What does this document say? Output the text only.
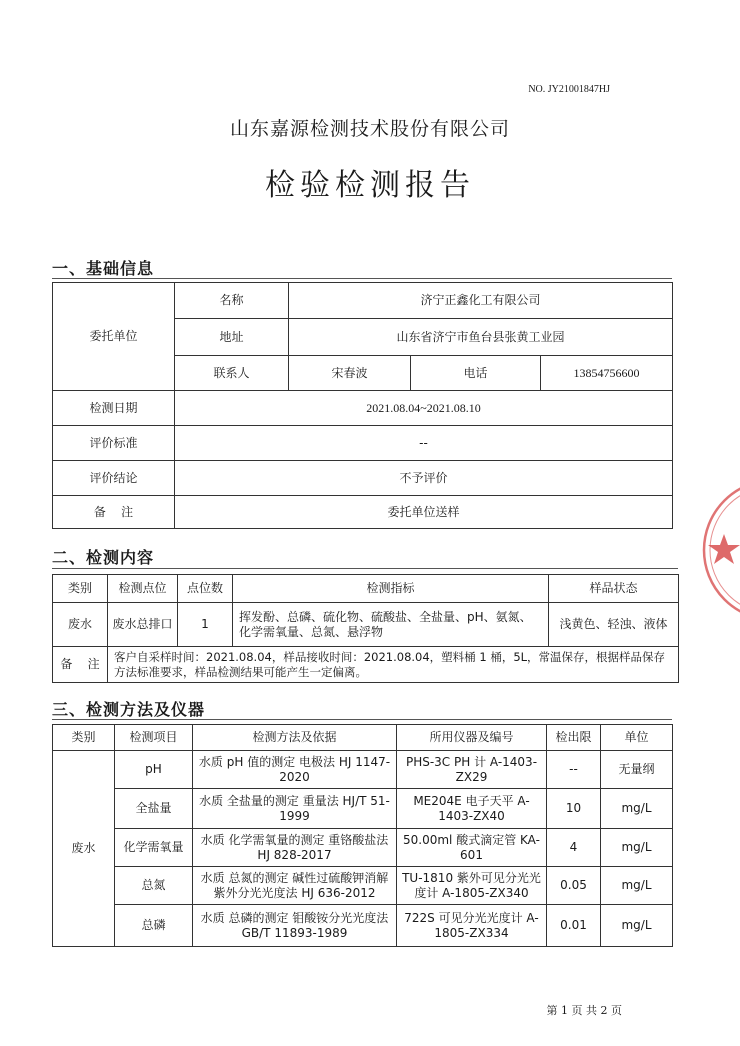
NO. JY21001847HJ
山东嘉源检测技术股份有限公司
检验检测报告
一、基础信息
委托单位	名称	济宁正鑫化工有限公司		
	地址	山东省济宁市鱼台县张黄工业园		
	联系人	宋春波	电话	13854756600
检测日期	2021.08.04~2021.08.10			
评价标准	--			
评价结论	不予评价			
备    注	委托单位送样			
二、检测内容
类别	检测点位	点位数	检测指标	样品状态
废水	废水总排口	1	挥发酚、总磷、硫化物、硫酸盐、全盐量、pH、氨氮、化学需氧量、总氮、悬浮物	浅黄色、轻浊、液体
备    注	客户自采样时间：2021.08.04，样品接收时间：2021.08.04，塑料桶 1 桶，5L，常温保存，根据样品保存方法标准要求，样品检测结果可能产生一定偏离。			
三、检测方法及仪器
类别	检测项目	检测方法及依据	所用仪器及编号	检出限	单位
废水	pH	水质 pH 值的测定 电极法 HJ 1147-2020	PHS-3C PH 计 A-1403-ZX29	--	无量纲
	全盐量	水质 全盐量的测定 重量法 HJ/T 51-1999	ME204E 电子天平 A-1403-ZX40	10	mg/L
	化学需氧量	水质 化学需氧量的测定 重铬酸盐法 HJ 828-2017	50.00ml 酸式滴定管 KA-601	4	mg/L
	总氮	水质 总氮的测定 碱性过硫酸钾消解紫外分光光度法 HJ 636-2012	TU-1810 紫外可见分光光度计 A-1805-ZX340	0.05	mg/L
	总磷	水质 总磷的测定 钼酸铵分光光度法 GB/T 11893-1989	722S 可见分光光度计 A-1805-ZX334	0.01	mg/L
第 1 页 共 2 页
